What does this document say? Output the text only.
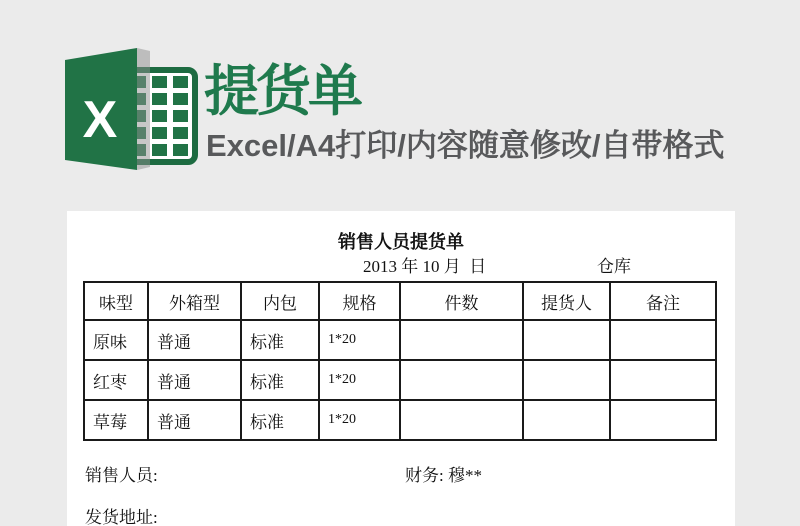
X 提货单
Excel/A4打印/内容随意修改/自带格式
销售人员提货单
2013 年 10 月  日	仓库
味型	外箱型	内包	规格	件数	提货人	备注
原味	普通	标准	1*20			
红枣	普通	标准	1*20			
草莓	普通	标准	1*20			
销售人员:	财务: 穆**
发货地址:
